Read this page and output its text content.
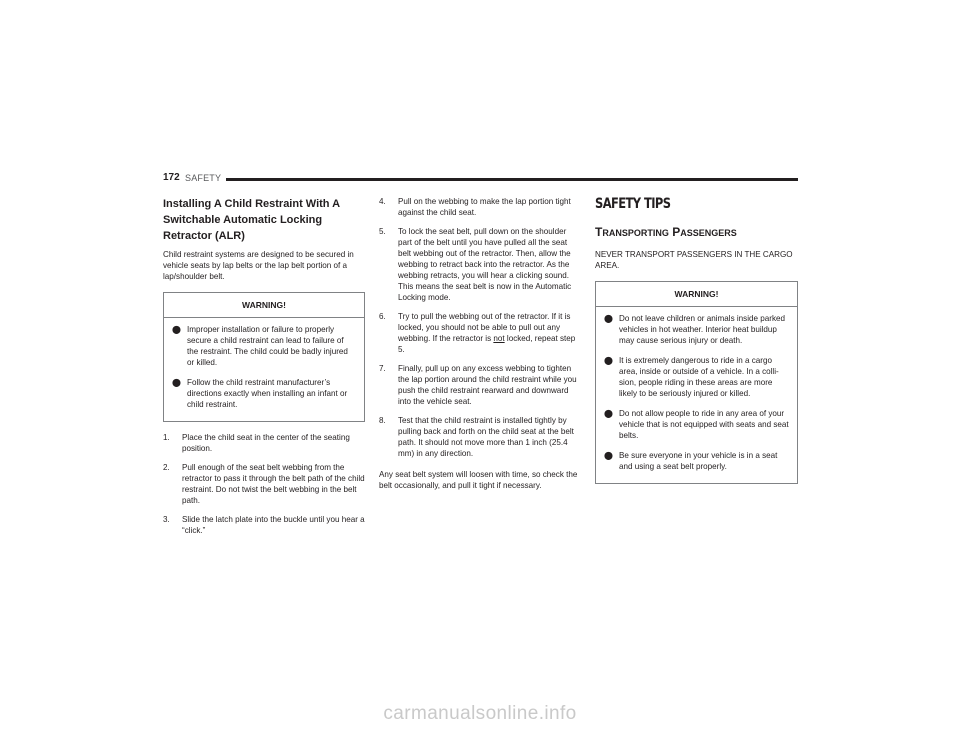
172 SAFETY
Installing A Child Restraint With A Switchable Automatic Locking Retractor (ALR)

Child restraint systems are designed to be secured in vehicle seats by lap belts or the lap belt portion of a lap/shoulder belt.

WARNING!
⬤ Improper installation or failure to properly secure a child restraint can lead to failure of the restraint. The child could be badly injured or killed.
⬤ Follow the child restraint manufacturer’s directions exactly when installing an infant or child restraint.
1. Place the child seat in the center of the seating position.
2. Pull enough of the seat belt webbing from the retractor to pass it through the belt path of the child restraint. Do not twist the belt webbing in the belt path.
3. Slide the latch plate into the buckle until you hear a “click.”
4. Pull on the webbing to make the lap portion tight against the child seat.
5. To lock the seat belt, pull down on the shoulder part of the belt until you have pulled all the seat belt webbing out of the retractor. Then, allow the webbing to retract back into the retractor. As the webbing retracts, you will hear a clicking sound. This means the seat belt is now in the Automatic Locking mode.
6. Try to pull the webbing out of the retractor. If it is locked, you should not be able to pull out any webbing. If the retractor is not locked, repeat step 5.
7. Finally, pull up on any excess webbing to tighten the lap portion around the child restraint while you push the child restraint rearward and downward into the vehicle seat.
8. Test that the child restraint is installed tightly by pulling back and forth on the child seat at the belt path. It should not move more than 1 inch (25.4 mm) in any direction.

Any seat belt system will loosen with time, so check the belt occasionally, and pull it tight if necessary.

SAFETY TIPS
TRANSPORTING PASSENGERS

NEVER TRANSPORT PASSENGERS IN THE CARGO AREA.

WARNING!
⬤ Do not leave children or animals inside parked vehicles in hot weather. Interior heat buildup may cause serious injury or death.
⬤ It is extremely dangerous to ride in a cargo area, inside or outside of a vehicle. In a colli-sion, people riding in these areas are more likely to be seriously injured or killed.
⬤ Do not allow people to ride in any area of your vehicle that is not equipped with seats and seat belts.
⬤ Be sure everyone in your vehicle is in a seat and using a seat belt properly.
carmanualsonline.info
